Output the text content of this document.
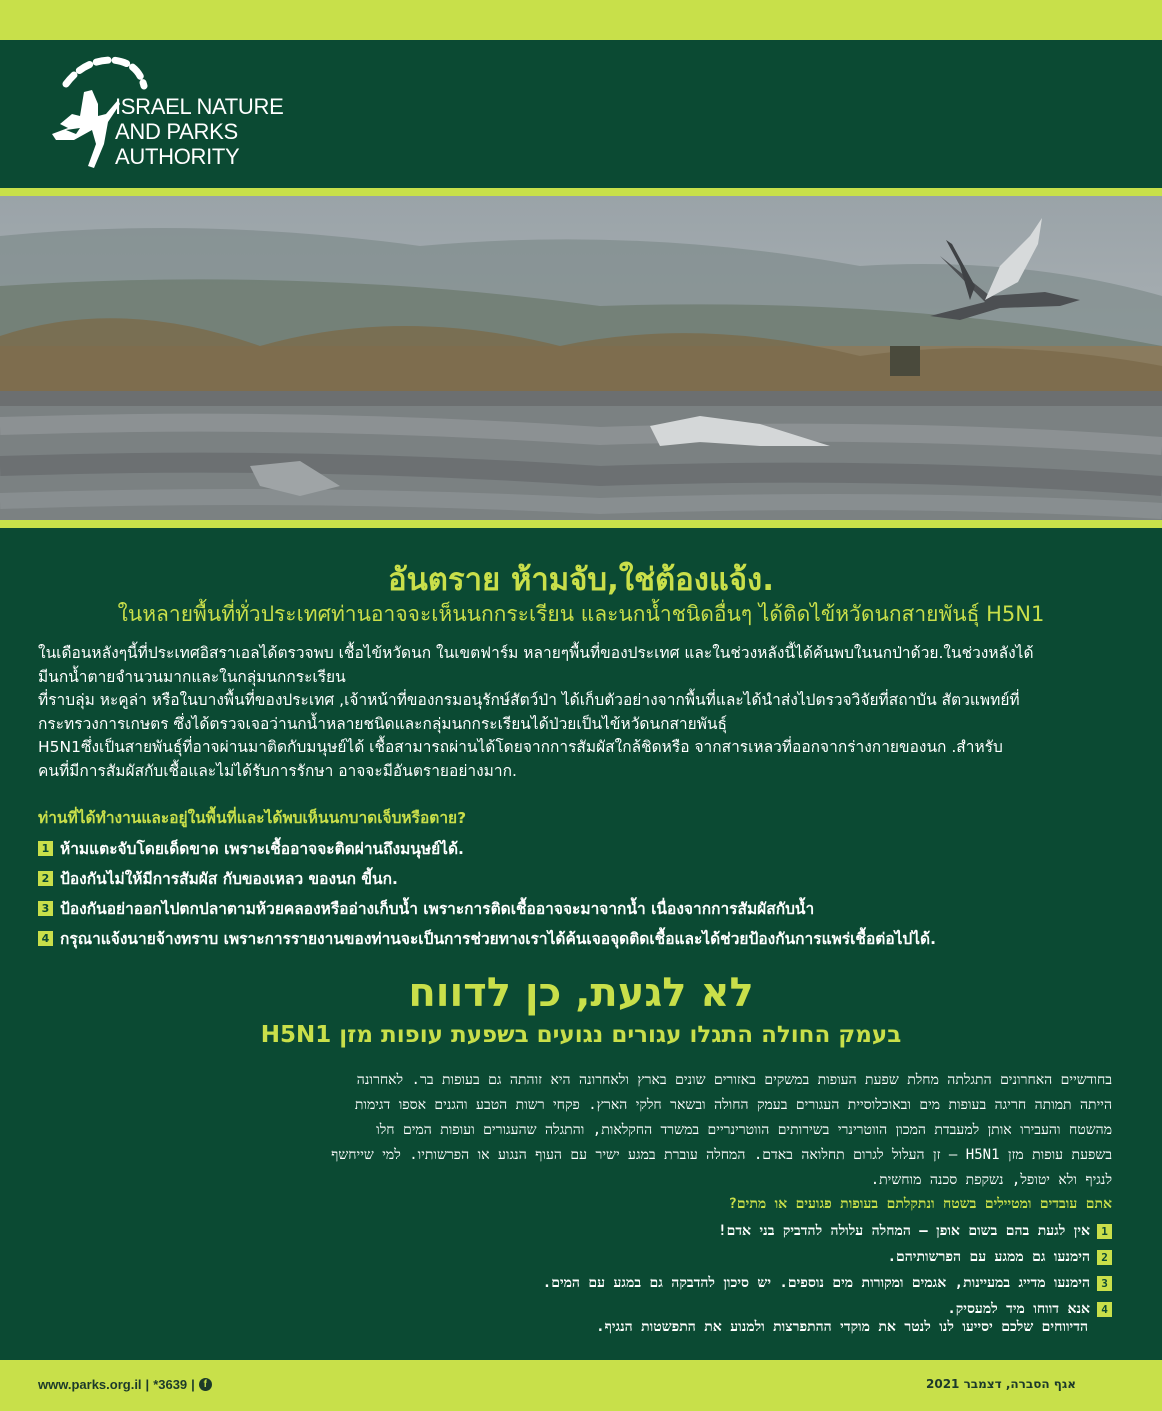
ISRAEL NATURE
AND PARKS
AUTHORITY
อันตราย ห้ามจับ,ใช่ต้องแจ้ง.
ในหลายพื้นที่ทั่วประเทศท่านอาจจะเห็นนกกระเรียน และนกน้ำชนิดอื่นๆ ได้ติดไข้หวัดนกสายพันธุ์ H5N1

ในเดือนหลังๆนี้ที่ประเทศอิสราเอลได้ตรวจพบ เชื้อไข้หวัดนก ในเขตฟาร์ม หลายๆพื้นที่ของประเทศ และในช่วงหลังนี้ได้ค้นพบในนกป่าด้วย.ในช่วงหลังได้

มีนกน้ำตายจำนวนมากและในกลุ่มนกกระเรียน

ที่ราบลุ่ม หะคูล่า หรือในบางพื้นที่ของประเทศ ,เจ้าหน้าที่ของกรมอนุรักษ์สัตว์ป่า ได้เก็บตัวอย่างจากพื้นที่และได้นำส่งไปตรวจวิจัยที่สถาบัน สัตวแพทย์ที่

กระทรวงการเกษตร ซึ่งได้ตรวจเจอว่านกน้ำหลายชนิดและกลุ่มนกกระเรียนได้ป่วยเป็นไข้หวัดนกสายพันธุ์

H5N1ซึ่งเป็นสายพันธุ์ที่อาจผ่านมาติดกับมนุษย์ได้ เชื้อสามารถผ่านได้โดยจากการสัมผัสใกล้ชิดหรือ จากสารเหลวที่ออกจากร่างกายของนก .สำหรับ

คนที่มีการสัมผัสกับเชื้อและไม่ได้รับการรักษา อาจจะมีอันตรายอย่างมาก.

ท่านที่ได้ทำงานและอยู่ในพื้นที่และได้พบเห็นนกบาดเจ็บหรือตาย?
1 ห้ามแตะจับโดยเด็ดขาด เพราะเชื้ออาจจะติดผ่านถึงมนุษย์ได้.
2 ป้องกันไม่ให้มีการสัมผัส กับของเหลว ของนก ขี้นก.
3 ป้องกันอย่าออกไปตกปลาตามห้วยคลองหรืออ่างเก็บน้ำ เพราะการติดเชื้ออาจจะมาจากน้ำ เนื่องจากการสัมผัสกับน้ำ
4 กรุณาแจ้งนายจ้างทราบ เพราะการรายงานของท่านจะเป็นการช่วยทางเราได้ค้นเจอจุดติดเชื้อและได้ช่วยป้องกันการแพร่เชื้อต่อไปได้.
לא לגעת, כן לדווח
בעמק החולה התגלו עגורים נגועים בשפעת עופות מזן H5N1

בחודשיים האחרונים התגלתה מחלת שפעת העופות במשקים באזורים שונים בארץ ולאחרונה היא זוהתה גם בעופות בר. לאחרונה

הייתה תמותה חריגה בעופות מים ובאוכלוסיית העגורים בעמק החולה ובשאר חלקי הארץ. פקחי רשות הטבע והגנים אספו דגימות

מהשטח והעבירו אותן למעבדת המכון הווטרינרי בשירותים הווטרינריים במשרד החקלאות, והתגלה שהעגורים ועופות המים חלו

בשפעת עופות מזן H5N1 – זן העלול לגרום תחלואה באדם. המחלה עוברת במגע ישיר עם העוף הנגוע או הפרשותיו. למי שייחשף

לנגיף ולא יטופל, נשקפת סכנה מוחשית.

אתם עובדים ומטיילים בשטח ונתקלתם בעופות פגועים או מתים?
1
אין לגעת בהם בשום אופן – המחלה עלולה להדביק בני אדם!
2
הימנעו גם ממגע עם הפרשותיהם.
3
הימנעו מדייג במעיינות, אגמים ומקורות מים נוספים. יש סיכון להדבקה גם במגע עם המים.
4
אנא דווחו מיד למעסיק.
הדיווחים שלכם יסייעו לנו לנטר את מוקדי ההתפרצות ולמנוע את התפשטות הנגיף.
www.parks.org.il | *3639 | f	אגף הסברה, דצמבר 2021
